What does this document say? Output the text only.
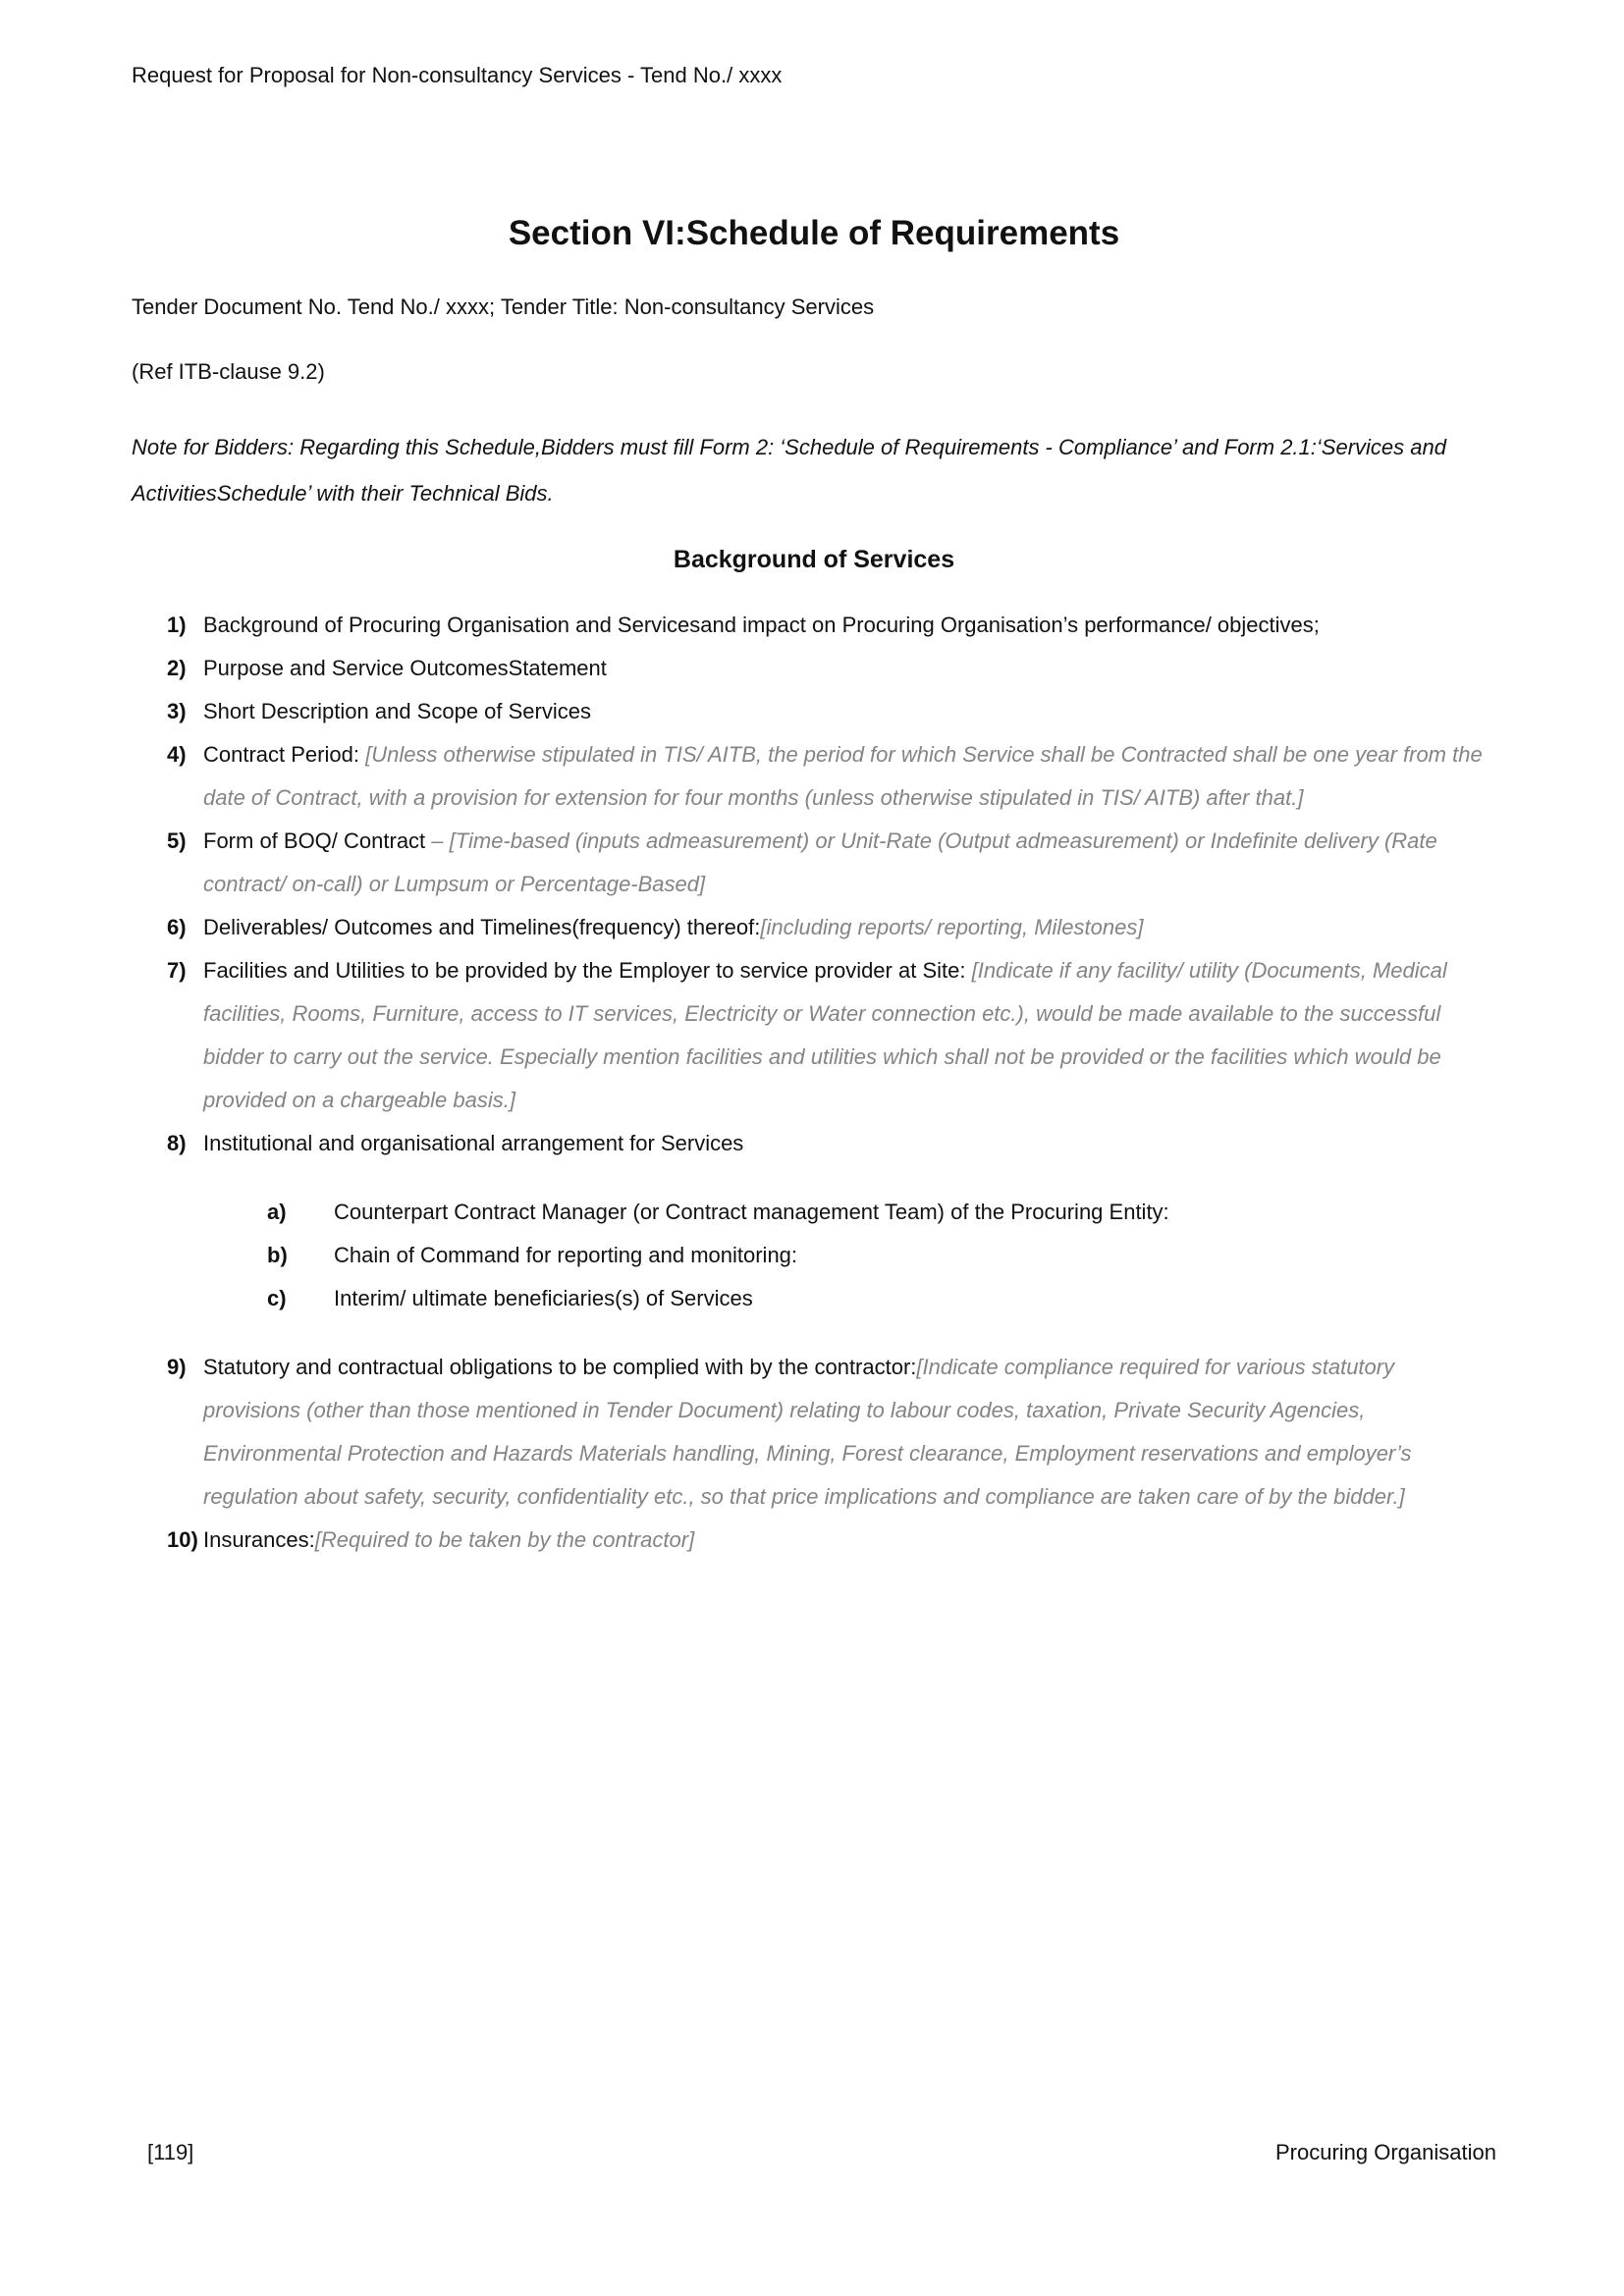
Request for Proposal for Non-consultancy Services - Tend No./ xxxx
Section VI:Schedule of Requirements

Tender Document No. Tend No./ xxxx; Tender Title: Non-consultancy Services

(Ref ITB-clause 9.2)

Note for Bidders: Regarding this Schedule,Bidders must fill Form 2: ‘Schedule of Requirements - Compliance’ and Form 2.1:‘Services and ActivitiesSchedule’ with their Technical Bids.

Background of Services
1) Background of Procuring Organisation and Servicesand impact on Procuring Organisation’s performance/ objectives;
2) Purpose and Service OutcomesStatement
3) Short Description and Scope of Services
4) Contract Period: [Unless otherwise stipulated in TIS/ AITB, the period for which Service shall be Contracted shall be one year from the date of Contract, with a provision for extension for four months (unless otherwise stipulated in TIS/ AITB) after that.]
5) Form of BOQ/ Contract – [Time-based (inputs admeasurement) or Unit-Rate (Output admeasurement) or Indefinite delivery (Rate contract/ on-call) or Lumpsum or Percentage-Based]
6) Deliverables/ Outcomes and Timelines(frequency) thereof:[including reports/ reporting, Milestones]
7) Facilities and Utilities to be provided by the Employer to service provider at Site: [Indicate if any facility/ utility (Documents, Medical facilities, Rooms, Furniture, access to IT services, Electricity or Water connection etc.), would be made available to the successful bidder to carry out the service. Especially mention facilities and utilities which shall not be provided or the facilities which would be provided on a chargeable basis.]
8) Institutional and organisational arrangement for Services
a)	Counterpart Contract Manager (or Contract management Team) of the Procuring Entity:
b)	Chain of Command for reporting and monitoring:
c)	Interim/ ultimate beneficiaries(s) of Services
9) Statutory and contractual obligations to be complied with by the contractor:[Indicate compliance required for various statutory provisions (other than those mentioned in Tender Document) relating to labour codes, taxation, Private Security Agencies, Environmental Protection and Hazards Materials handling, Mining, Forest clearance, Employment reservations and employer’s regulation about safety, security, confidentiality etc., so that price implications and compliance are taken care of by the bidder.]
10) Insurances:[Required to be taken by the contractor]
[119]	Procuring Organisation
